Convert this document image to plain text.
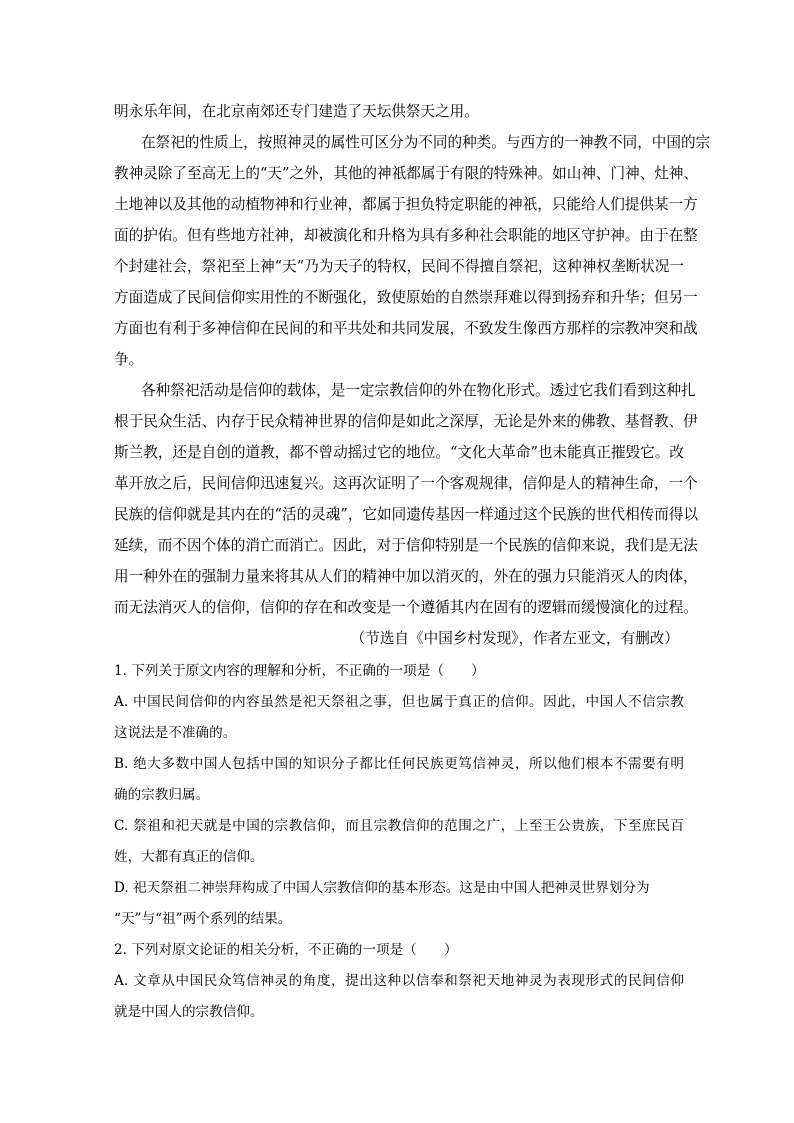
明永乐年间，在北京南郊还专门建造了天坛供祭天之用。
在祭祀的性质上，按照神灵的属性可区分为不同的种类。与西方的一神教不同，中国的宗
教神灵除了至高无上的“天”之外，其他的神祇都属于有限的特殊神。如山神、门神、灶神、
土地神以及其他的动植物神和行业神，都属于担负特定职能的神祇，只能给人们提供某一方
面的护佑。但有些地方社神，却被演化和升格为具有多种社会职能的地区守护神。由于在整
个封建社会，祭祀至上神“天”乃为天子的特权，民间不得擅自祭祀，这种神权垄断状况一
方面造成了民间信仰实用性的不断强化，致使原始的自然崇拜难以得到扬弃和升华；但另一
方面也有利于多神信仰在民间的和平共处和共同发展，不致发生像西方那样的宗教冲突和战
争。
各种祭祀活动是信仰的载体，是一定宗教信仰的外在物化形式。透过它我们看到这种扎
根于民众生活、内存于民众精神世界的信仰是如此之深厚，无论是外来的佛教、基督教、伊
斯兰教，还是自创的道教，都不曾动摇过它的地位。“文化大革命”也未能真正摧毁它。改
革开放之后，民间信仰迅速复兴。这再次证明了一个客观规律，信仰是人的精神生命，一个
民族的信仰就是其内在的“活的灵魂”，它如同遗传基因一样通过这个民族的世代相传而得以
延续，而不因个体的消亡而消亡。因此，对于信仰特别是一个民族的信仰来说，我们是无法
用一种外在的强制力量来将其从人们的精神中加以消灭的，外在的强力只能消灭人的肉体，
而无法消灭人的信仰，信仰的存在和改变是一个遵循其内在固有的逻辑而缓慢演化的过程。
（节选自《中国乡村发现》，作者左亚文，有删改）
1. 下列关于原文内容的理解和分析，不正确的一项是（　　）
A. 中国民间信仰的内容虽然是祀天祭祖之事，但也属于真正的信仰。因此，中国人不信宗教
这说法是不准确的。
B. 绝大多数中国人包括中国的知识分子都比任何民族更笃信神灵，所以他们根本不需要有明
确的宗教归属。
C. 祭祖和祀天就是中国的宗教信仰，而且宗教信仰的范围之广，上至王公贵族，下至庶民百
姓，大都有真正的信仰。
D. 祀天祭祖二神崇拜构成了中国人宗教信仰的基本形态。这是由中国人把神灵世界划分为
“天”与“祖”两个系列的结果。
2. 下列对原文论证的相关分析，不正确的一项是（　　）
A. 文章从中国民众笃信神灵的角度，提出这种以信奉和祭祀天地神灵为表现形式的民间信仰
就是中国人的宗教信仰。
